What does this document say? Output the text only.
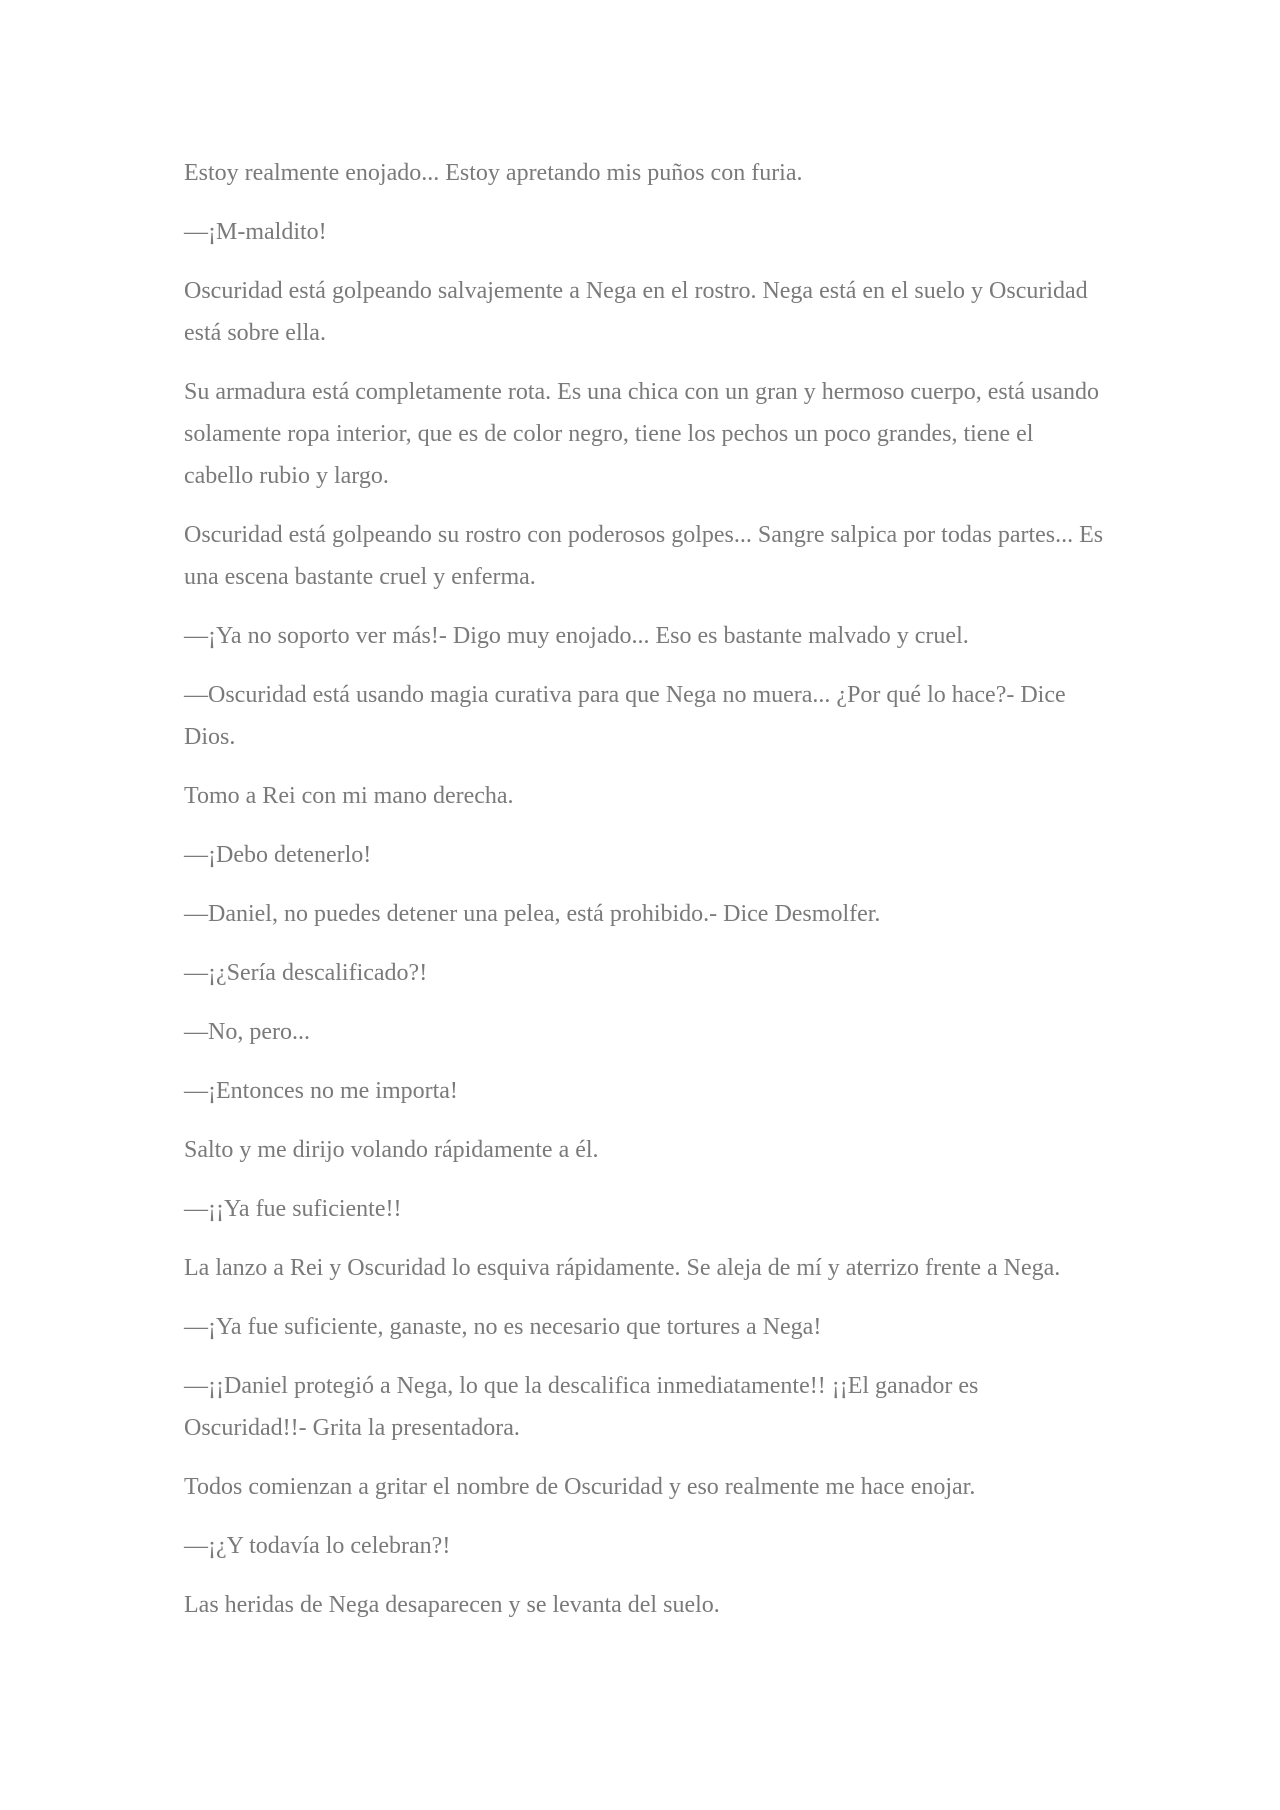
Estoy realmente enojado... Estoy apretando mis puños con furia.

—¡M-maldito!

Oscuridad está golpeando salvajemente a Nega en el rostro. Nega está en el suelo y Oscuridad está sobre ella.

Su armadura está completamente rota. Es una chica con un gran y hermoso cuerpo, está usando solamente ropa interior, que es de color negro, tiene los pechos un poco grandes, tiene el cabello rubio y largo.

Oscuridad está golpeando su rostro con poderosos golpes... Sangre salpica por todas partes... Es una escena bastante cruel y enferma.

—¡Ya no soporto ver más!- Digo muy enojado... Eso es bastante malvado y cruel.

—Oscuridad está usando magia curativa para que Nega no muera... ¿Por qué lo hace?- Dice Dios.

Tomo a Rei con mi mano derecha.

—¡Debo detenerlo!

—Daniel, no puedes detener una pelea, está prohibido.- Dice Desmolfer.

—¡¿Sería descalificado?!

—No, pero...

—¡Entonces no me importa!

Salto y me dirijo volando rápidamente a él.

—¡¡Ya fue suficiente!!

La lanzo a Rei y Oscuridad lo esquiva rápidamente. Se aleja de mí y aterrizo frente a Nega.

—¡Ya fue suficiente, ganaste, no es necesario que tortures a Nega!

—¡¡Daniel protegió a Nega, lo que la descalifica inmediatamente!! ¡¡El ganador es Oscuridad!!- Grita la presentadora.

Todos comienzan a gritar el nombre de Oscuridad y eso realmente me hace enojar.

—¡¿Y todavía lo celebran?!

Las heridas de Nega desaparecen y se levanta del suelo.
